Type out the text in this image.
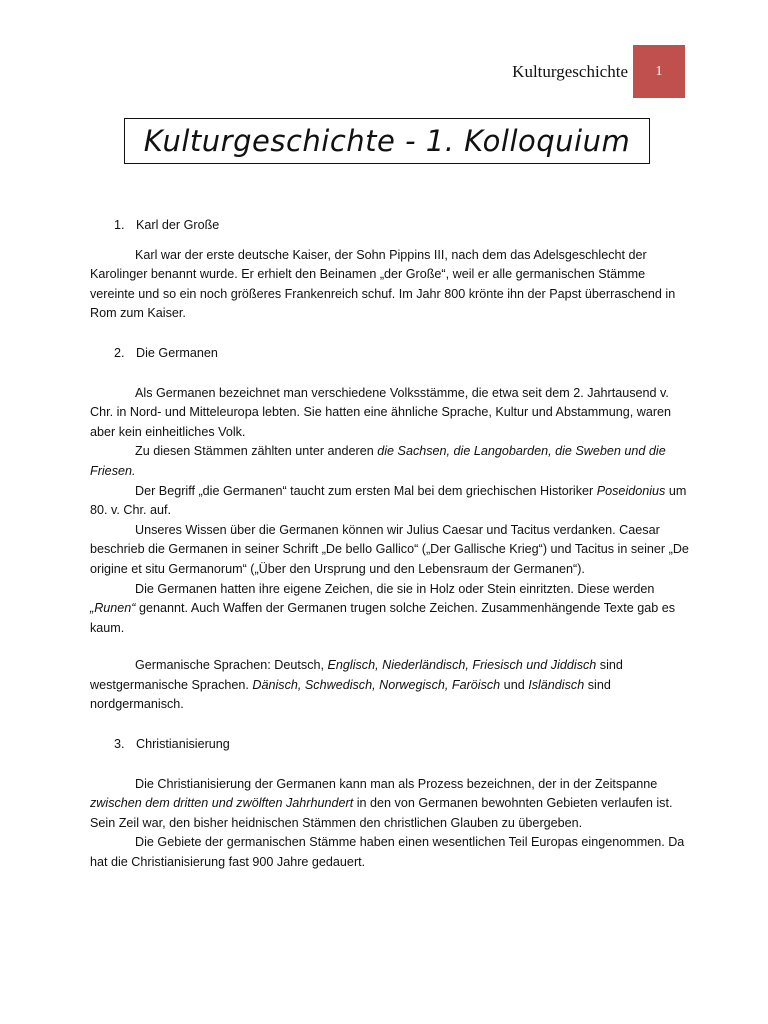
Kulturgeschichte 1
Kulturgeschichte - 1. Kolloquium
1. Karl der Große

Karl war der erste deutsche Kaiser, der Sohn Pippins III, nach dem das Adelsgeschlecht der Karolinger benannt wurde. Er erhielt den Beinamen „der Große“, weil er alle germanischen Stämme vereinte und so ein noch größeres Frankenreich schuf. Im Jahr 800 krönte ihn der Papst überraschend in Rom zum Kaiser.

2. Die Germanen

Als Germanen bezeichnet man verschiedene Volksstämme, die etwa seit dem 2. Jahrtausend v. Chr. in Nord- und Mitteleuropa lebten. Sie hatten eine ähnliche Sprache, Kultur und Abstammung, waren aber kein einheitliches Volk.

Zu diesen Stämmen zählten unter anderen die Sachsen, die Langobarden, die Sweben und die Friesen.

Der Begriff „die Germanen“ taucht zum ersten Mal bei dem griechischen Historiker Poseidonius um 80. v. Chr. auf.

Unseres Wissen über die Germanen können wir Julius Caesar und Tacitus verdanken. Caesar beschrieb die Germanen in seiner Schrift „De bello Gallico“ („Der Gallische Krieg“) und Tacitus in seiner „De origine et situ Germanorum“ („Über den Ursprung und den Lebensraum der Germanen“).

Die Germanen hatten ihre eigene Zeichen, die sie in Holz oder Stein einritzten. Diese werden „Runen“ genannt. Auch Waffen der Germanen trugen solche Zeichen. Zusammenhängende Texte gab es kaum.

Germanische Sprachen: Deutsch, Englisch, Niederländisch, Friesisch und Jiddisch sind westgermanische Sprachen. Dänisch, Schwedisch, Norwegisch, Faröisch und Isländisch sind nordgermanisch.

3. Christianisierung

Die Christianisierung der Germanen kann man als Prozess bezeichnen, der in der Zeitspanne zwischen dem dritten und zwölften Jahrhundert in den von Germanen bewohnten Gebieten verlaufen ist. Sein Zeil war, den bisher heidnischen Stämmen den christlichen Glauben zu übergeben.

Die Gebiete der germanischen Stämme haben einen wesentlichen Teil Europas eingenommen. Da hat die Christianisierung fast 900 Jahre gedauert.
